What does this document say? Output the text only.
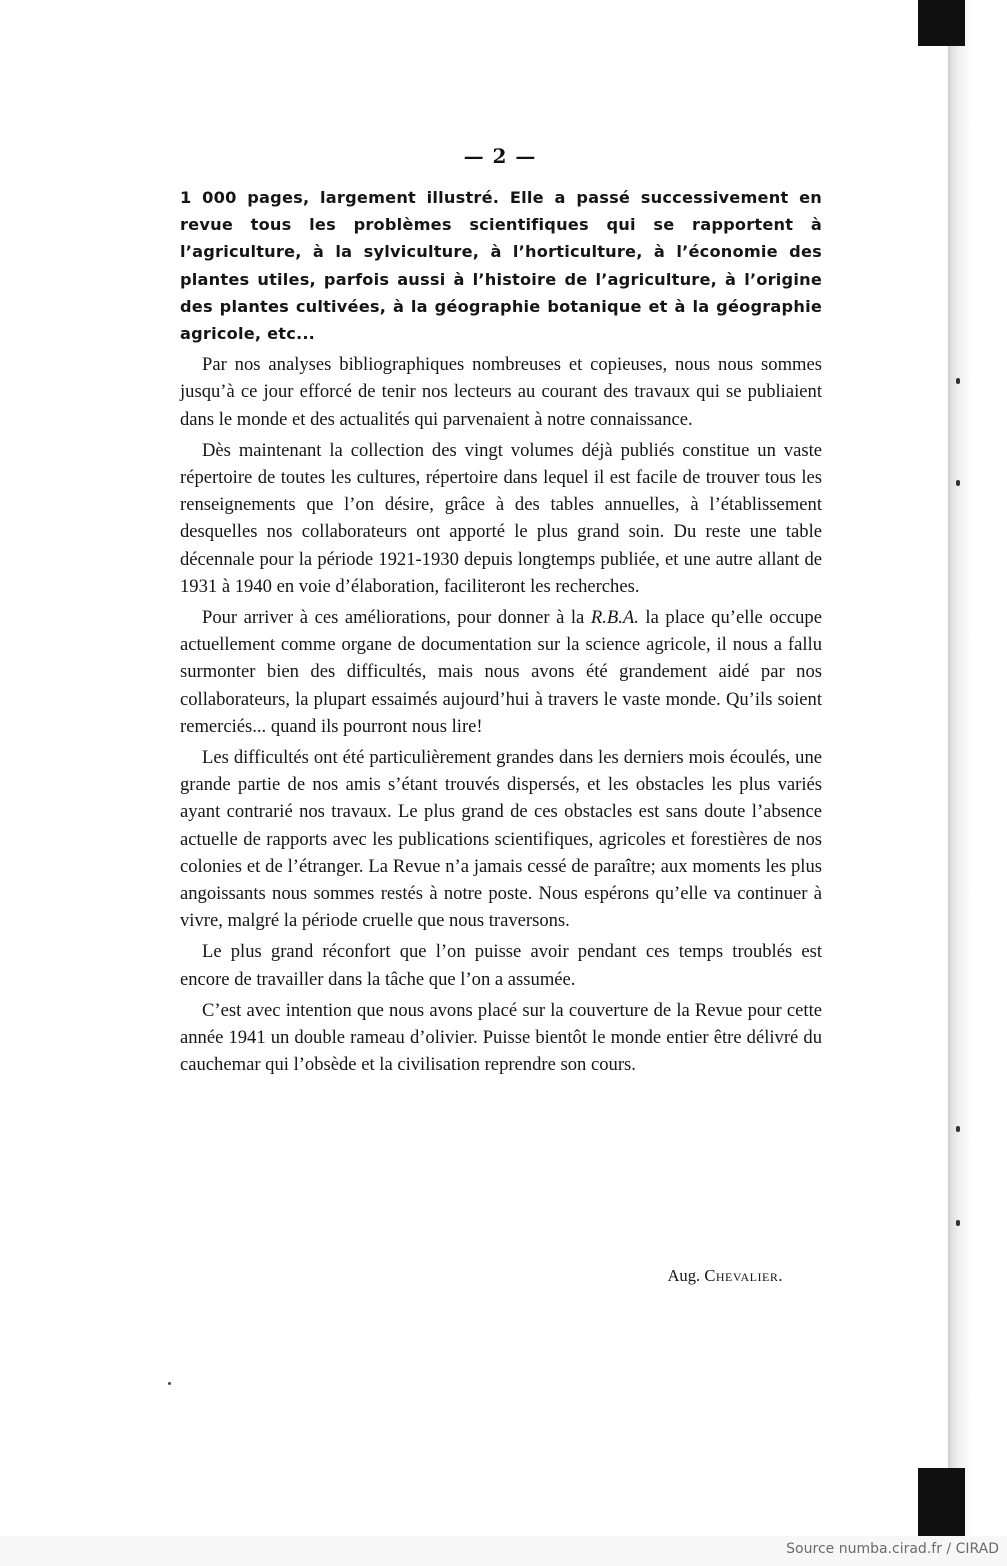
— 2 —

1 000 pages, largement illustré. Elle a passé successivement en revue tous les problèmes scientifiques qui se rapportent à l’agriculture, à la sylviculture, à l’horticulture, à l’économie des plantes utiles, parfois aussi à l’histoire de l’agriculture, à l’origine des plantes cultivées, à la géographie botanique et à la géographie agricole, etc...

Par nos analyses bibliographiques nombreuses et copieuses, nous nous sommes jusqu’à ce jour efforcé de tenir nos lecteurs au courant des travaux qui se publiaient dans le monde et des actualités qui parvenaient à notre connaissance.

Dès maintenant la collection des vingt volumes déjà publiés constitue un vaste répertoire de toutes les cultures, répertoire dans lequel il est facile de trouver tous les renseignements que l’on désire, grâce à des tables annuelles, à l’établissement desquelles nos collaborateurs ont apporté le plus grand soin. Du reste une table décennale pour la période 1921-1930 depuis longtemps publiée, et une autre allant de 1931 à 1940 en voie d’élaboration, faciliteront les recherches.

Pour arriver à ces améliorations, pour donner à la R.B.A. la place qu’elle occupe actuellement comme organe de documentation sur la science agricole, il nous a fallu surmonter bien des difficultés, mais nous avons été grandement aidé par nos collaborateurs, la plupart essaimés aujourd’hui à travers le vaste monde. Qu’ils soient remerciés... quand ils pourront nous lire!

Les difficultés ont été particulièrement grandes dans les derniers mois écoulés, une grande partie de nos amis s’étant trouvés dispersés, et les obstacles les plus variés ayant contrarié nos travaux. Le plus grand de ces obstacles est sans doute l’absence actuelle de rapports avec les publications scientifiques, agricoles et forestières de nos colonies et de l’étranger. La Revue n’a jamais cessé de paraître; aux moments les plus angoissants nous sommes restés à notre poste. Nous espérons qu’elle va continuer à vivre, malgré la période cruelle que nous traversons.

Le plus grand réconfort que l’on puisse avoir pendant ces temps troublés est encore de travailler dans la tâche que l’on a assumée.

C’est avec intention que nous avons placé sur la couverture de la Revue pour cette année 1941 un double rameau d’olivier. Puisse bientôt le monde entier être délivré du cauchemar qui l’obsède et la civilisation reprendre son cours.

Aug. Chevalier.
Source numba.cirad.fr / CIRAD
